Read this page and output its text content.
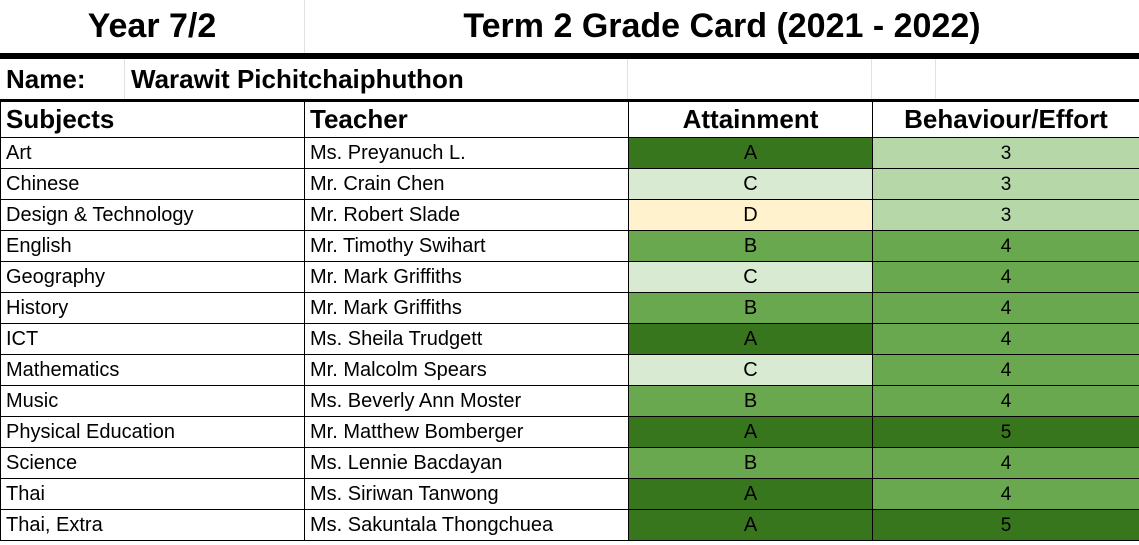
Year 7/2	Term 2 Grade Card (2021 - 2022)
Name:	Warawit Pichitchaiphuthon
Subjects	Teacher	Attainment	Behaviour/Effort
Art	Ms. Preyanuch L.	A	3
Chinese	Mr. Crain Chen	C	3
Design & Technology	Mr. Robert Slade	D	3
English	Mr. Timothy Swihart	B	4
Geography	Mr. Mark Griffiths	C	4
History	Mr. Mark Griffiths	B	4
ICT	Ms. Sheila Trudgett	A	4
Mathematics	Mr. Malcolm Spears	C	4
Music	Ms. Beverly Ann Moster	B	4
Physical Education	Mr. Matthew Bomberger	A	5
Science	Ms. Lennie Bacdayan	B	4
Thai	Ms. Siriwan Tanwong	A	4
Thai, Extra	Ms. Sakuntala Thongchuea	A	5
